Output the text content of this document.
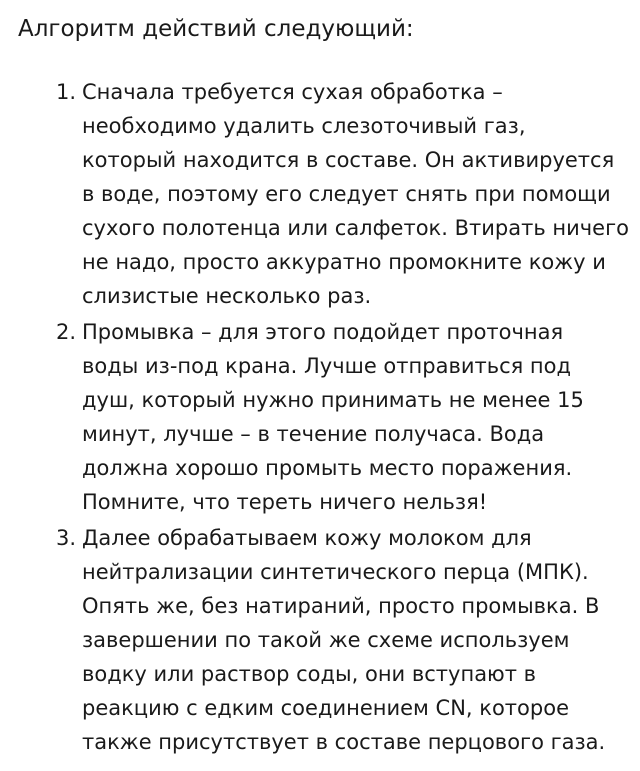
Алгоритм действий следующий:
1. Сначала требуется сухая обработка –
необходимо удалить слезоточивый газ,
который находится в составе. Он активируется
в воде, поэтому его следует снять при помощи
сухого полотенца или салфеток. Втирать ничего
не надо, просто аккуратно промокните кожу и
слизистые несколько раз.
2. Промывка – для этого подойдет проточная
воды из-под крана. Лучше отправиться под
душ, который нужно принимать не менее 15
минут, лучше – в течение получаса. Вода
должна хорошо промыть место поражения.
Помните, что тереть ничего нельзя!
3. Далее обрабатываем кожу молоком для
нейтрализации синтетического перца (МПК).
Опять же, без натираний, просто промывка. В
завершении по такой же схеме используем
водку или раствор соды, они вступают в
реакцию с едким соединением CN, которое
также присутствует в составе перцового газа.
